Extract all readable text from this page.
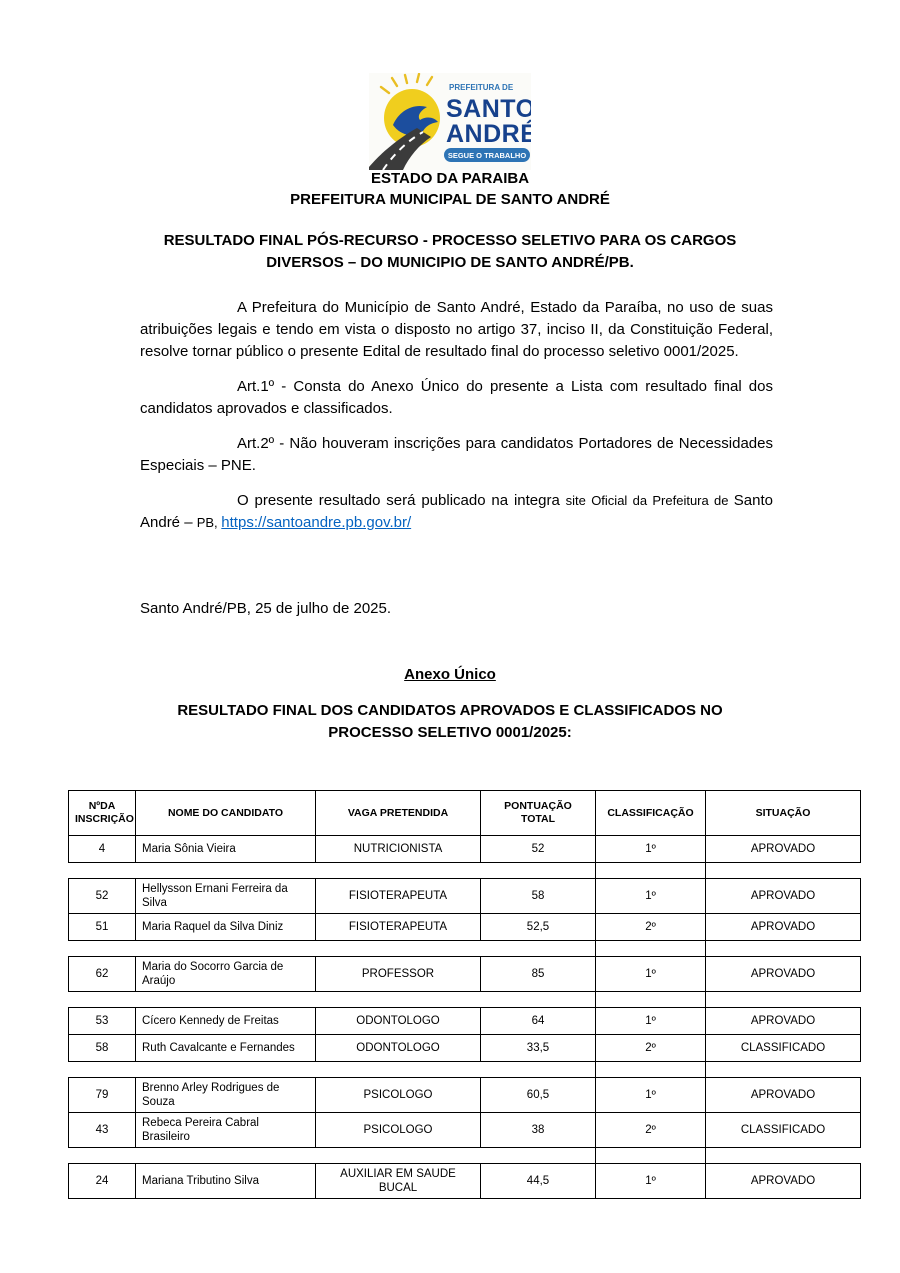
PREFEITURA DE
SANTO
ANDRÉ
SEGUE O TRABALHO
ESTADO DA PARAIBA
PREFEITURA MUNICIPAL DE SANTO ANDRÉ
RESULTADO FINAL PÓS-RECURSO - PROCESSO SELETIVO PARA OS CARGOS DIVERSOS – DO MUNICIPIO DE SANTO ANDRÉ/PB.

A Prefeitura do Município de Santo André, Estado da Paraíba, no uso de suas atribuições legais e tendo em vista o disposto no artigo 37, inciso II, da Constituição Federal, resolve tornar público o presente Edital de resultado final do processo seletivo 0001/2025.

Art.1º - Consta do Anexo Único do presente a Lista com resultado final dos candidatos aprovados e classificados.

Art.2º - Não houveram inscrições para candidatos Portadores de Necessidades Especiais – PNE.

O presente resultado será publicado na integra site Oficial da Prefeitura de Santo André – PB, https://santoandre.pb.gov.br/

Santo André/PB, 25 de julho de 2025.
Anexo Único
RESULTADO FINAL DOS CANDIDATOS APROVADOS E CLASSIFICADOS NO PROCESSO SELETIVO 0001/2025:
NºDA INSCRIÇÃO	NOME DO CANDIDATO	VAGA PRETENDIDA	PONTUAÇÃO TOTAL	CLASSIFICAÇÃO	SITUAÇÃO
4	Maria Sônia Vieira	NUTRICIONISTA	52	1º	APROVADO

52	Hellysson Ernani Ferreira da Silva	FISIOTERAPEUTA	58	1º	APROVADO
51	Maria Raquel da Silva Diniz	FISIOTERAPEUTA	52,5	2º	APROVADO

62	Maria do Socorro Garcia de Araújo	PROFESSOR	85	1º	APROVADO

53	Cícero Kennedy de Freitas	ODONTOLOGO	64	1º	APROVADO
58	Ruth Cavalcante e Fernandes	ODONTOLOGO	33,5	2º	CLASSIFICADO

79	Brenno Arley Rodrigues de Souza	PSICOLOGO	60,5	1º	APROVADO
43	Rebeca Pereira Cabral Brasileiro	PSICOLOGO	38	2º	CLASSIFICADO

24	Mariana Tributino Silva	AUXILIAR EM SAUDE BUCAL	44,5	1º	APROVADO
